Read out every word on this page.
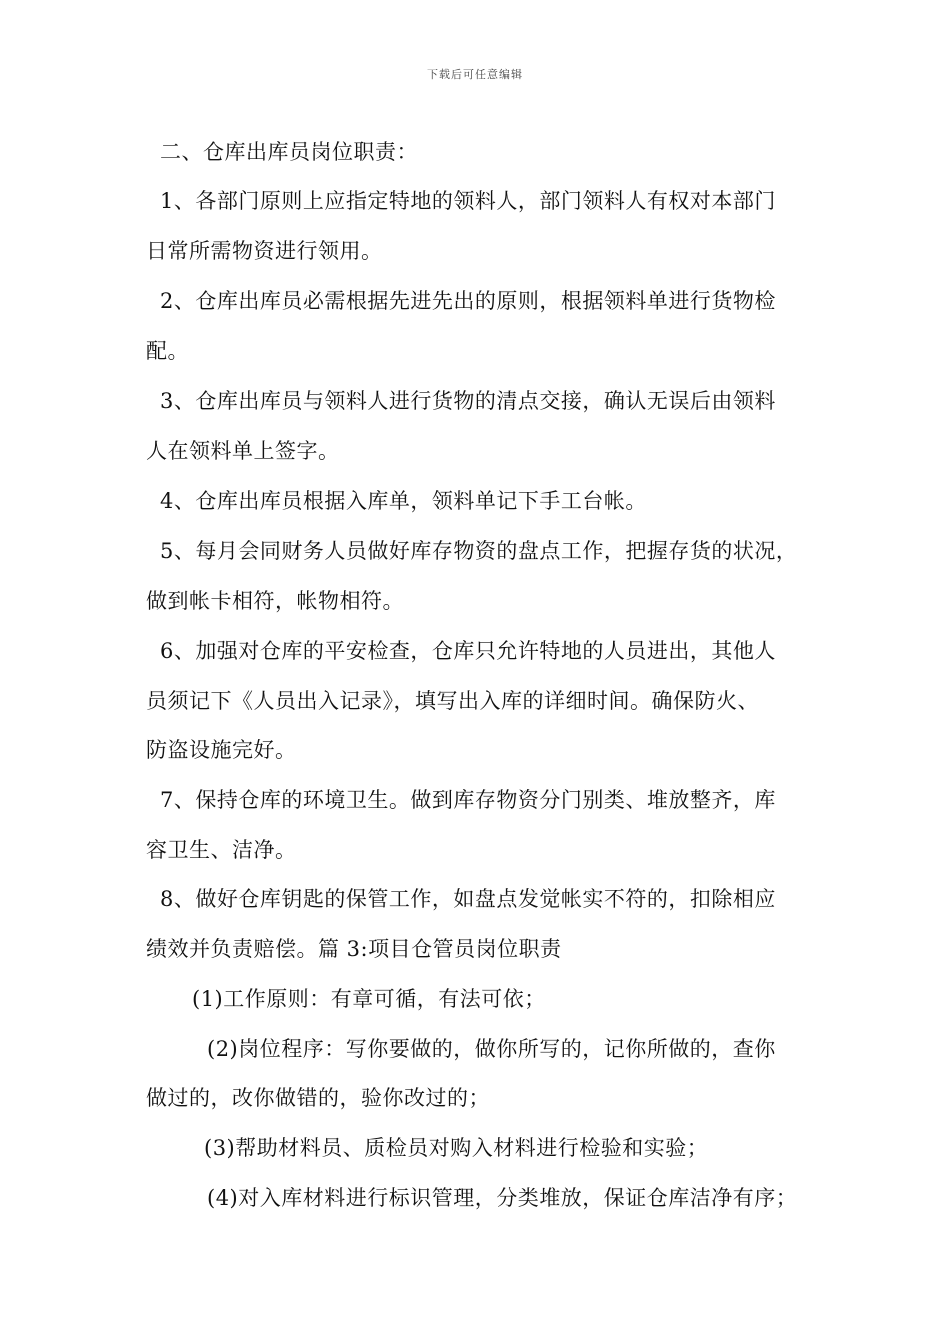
下载后可任意编辑
二、仓库出库员岗位职责：
1、各部门原则上应指定特地的领料人，部门领料人有权对本部门
日常所需物资进行领用。
2、仓库出库员必需根据先进先出的原则，根据领料单进行货物检
配。
3、仓库出库员与领料人进行货物的清点交接，确认无误后由领料
人在领料单上签字。
4、仓库出库员根据入库单，领料单记下手工台帐。
5、每月会同财务人员做好库存物资的盘点工作，把握存货的状况，
做到帐卡相符，帐物相符。
6、加强对仓库的平安检查，仓库只允许特地的人员进出，其他人
员须记下《人员出入记录》，填写出入库的详细时间。确保防火、
防盗设施完好。
7、保持仓库的环境卫生。做到库存物资分门别类、堆放整齐，库
容卫生、洁净。
8、做好仓库钥匙的保管工作，如盘点发觉帐实不符的，扣除相应
绩效并负责赔偿。篇 3:项目仓管员岗位职责
(1)工作原则：有章可循，有法可依；
(2)岗位程序：写你要做的，做你所写的，记你所做的，查你
做过的，改你做错的，验你改过的；
(3)帮助材料员、质检员对购入材料进行检验和实验；
(4)对入库材料进行标识管理，分类堆放，保证仓库洁净有序；
